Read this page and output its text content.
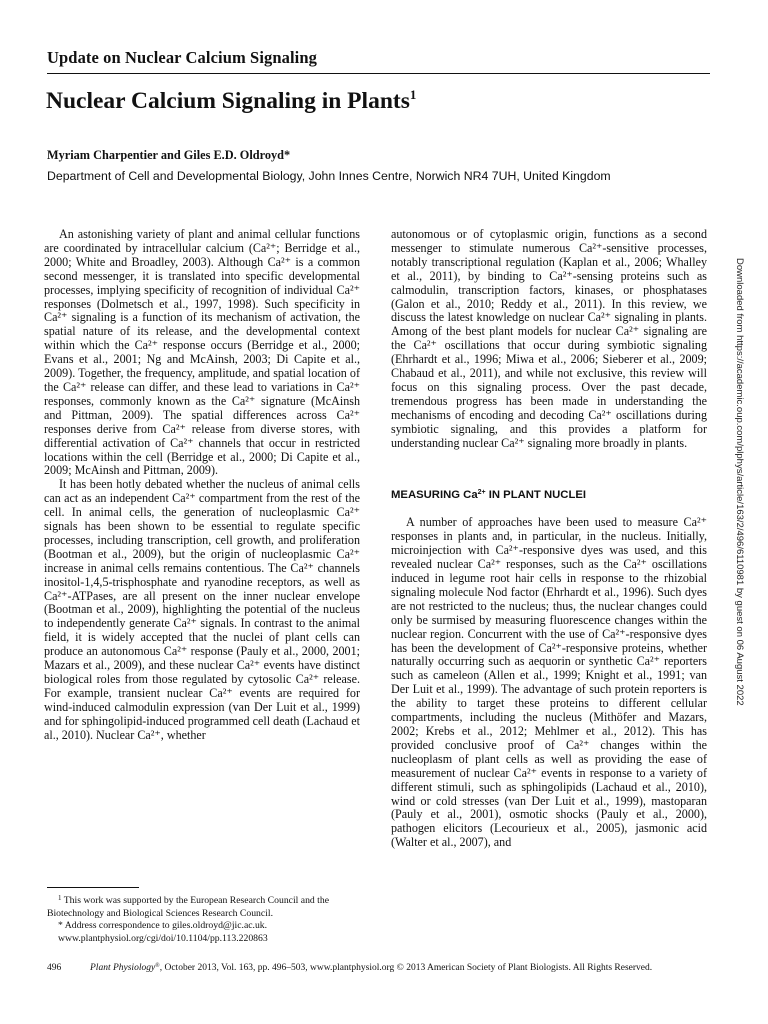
Update on Nuclear Calcium Signaling
Nuclear Calcium Signaling in Plants$^1$
Myriam Charpentier and Giles E.D. Oldroyd*
Department of Cell and Developmental Biology, John Innes Centre, Norwich NR4 7UH, United Kingdom

An astonishing variety of plant and animal cellular functions are coordinated by intracellular calcium (Ca²⁺; Berridge et al., 2000; White and Broadley, 2003). Although Ca²⁺ is a common second messenger, it is translated into specific developmental processes, implying specificity of recognition of individual Ca²⁺ responses (Dolmetsch et al., 1997, 1998). Such specificity in Ca²⁺ signaling is a function of its mechanism of activation, the spatial nature of its release, and the developmental context within which the Ca²⁺ response occurs (Berridge et al., 2000; Evans et al., 2001; Ng and McAinsh, 2003; Di Capite et al., 2009). Together, the frequency, amplitude, and spatial location of the Ca²⁺ release can differ, and these lead to variations in Ca²⁺ responses, commonly known as the Ca²⁺ signature (McAinsh and Pittman, 2009). The spatial differences across Ca²⁺ responses derive from Ca²⁺ release from diverse stores, with differential activation of Ca²⁺ channels that occur in restricted locations within the cell (Berridge et al., 2000; Di Capite et al., 2009; McAinsh and Pittman, 2009).

It has been hotly debated whether the nucleus of animal cells can act as an independent Ca²⁺ compartment from the rest of the cell. In animal cells, the generation of nucleoplasmic Ca²⁺ signals has been shown to be essential to regulate specific processes, including transcription, cell growth, and proliferation (Bootman et al., 2009), but the origin of nucleoplasmic Ca²⁺ increase in animal cells remains contentious. The Ca²⁺ channels inositol-1,4,5-trisphosphate and ryanodine receptors, as well as Ca²⁺-ATPases, are all present on the inner nuclear envelope (Bootman et al., 2009), highlighting the potential of the nucleus to independently generate Ca²⁺ signals. In contrast to the animal field, it is widely accepted that the nuclei of plant cells can produce an autonomous Ca²⁺ response (Pauly et al., 2000, 2001; Mazars et al., 2009), and these nuclear Ca²⁺ events have distinct biological roles from those regulated by cytosolic Ca²⁺ release. For example, transient nuclear Ca²⁺ events are required for wind-induced calmodulin expression (van Der Luit et al., 1999) and for sphingolipid-induced programmed cell death (Lachaud et al., 2010). Nuclear Ca²⁺, whether

autonomous or of cytoplasmic origin, functions as a second messenger to stimulate numerous Ca²⁺-sensitive processes, notably transcriptional regulation (Kaplan et al., 2006; Whalley et al., 2011), by binding to Ca²⁺-sensing proteins such as calmodulin, transcription factors, kinases, or phosphatases (Galon et al., 2010; Reddy et al., 2011). In this review, we discuss the latest knowledge on nuclear Ca²⁺ signaling in plants. Among of the best plant models for nuclear Ca²⁺ signaling are the Ca²⁺ oscillations that occur during symbiotic signaling (Ehrhardt et al., 1996; Miwa et al., 2006; Sieberer et al., 2009; Chabaud et al., 2011), and while not exclusive, this review will focus on this signaling process. Over the past decade, tremendous progress has been made in understanding the mechanisms of encoding and decoding Ca²⁺ oscillations during symbiotic signaling, and this provides a platform for understanding nuclear Ca²⁺ signaling more broadly in plants.

MEASURING $Ca^{2+}$ IN PLANT NUCLEI

A number of approaches have been used to measure Ca²⁺ responses in plants and, in particular, in the nucleus. Initially, microinjection with Ca²⁺-responsive dyes was used, and this revealed nuclear Ca²⁺ responses, such as the Ca²⁺ oscillations induced in legume root hair cells in response to the rhizobial signaling molecule Nod factor (Ehrhardt et al., 1996). Such dyes are not restricted to the nucleus; thus, the nuclear changes could only be surmised by measuring fluorescence changes within the nuclear region. Concurrent with the use of Ca²⁺-responsive dyes has been the development of Ca²⁺-responsive proteins, whether naturally occurring such as aequorin or synthetic Ca²⁺ reporters such as cameleon (Allen et al., 1999; Knight et al., 1991; van Der Luit et al., 1999). The advantage of such protein reporters is the ability to target these proteins to different cellular compartments, including the nucleus (Mithöfer and Mazars, 2002; Krebs et al., 2012; Mehlmer et al., 2012). This has provided conclusive proof of Ca²⁺ changes within the nucleoplasm of plant cells as well as providing the ease of measurement of nuclear Ca²⁺ events in response to a variety of different stimuli, such as sphingolipids (Lachaud et al., 2010), wind or cold stresses (van Der Luit et al., 1999), mastoparan (Pauly et al., 2001), osmotic shocks (Pauly et al., 2000), pathogen elicitors (Lecourieux et al., 2005), jasmonic acid (Walter et al., 2007), and

$^1$ This work was supported by the European Research Council and the Biotechnology and Biological Sciences Research Council.
* Address correspondence to giles.oldroyd@jic.ac.uk.
www.plantphysiol.org/cgi/doi/10.1104/pp.113.220863
496	Plant Physiology®, October 2013, Vol. 163, pp. 496–503, www.plantphysiol.org © 2013 American Society of Plant Biologists. All Rights Reserved.
Downloaded from https://academic.oup.com/plphys/article/163/2/496/6110981 by guest on 06 August 2022
